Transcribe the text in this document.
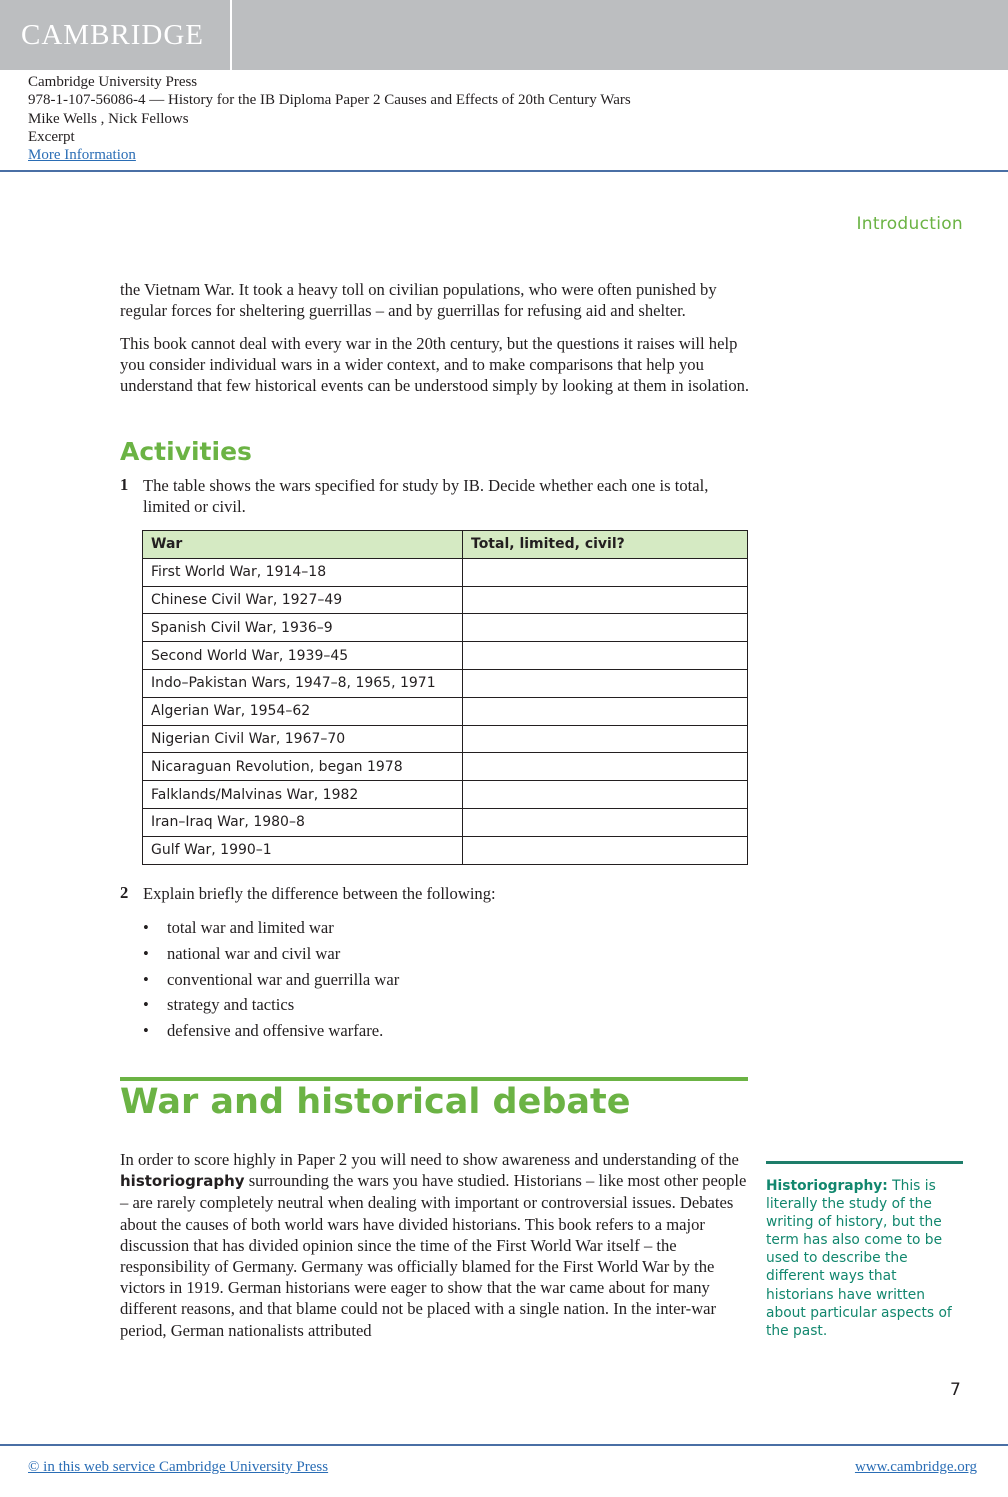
CAMBRIDGE
Cambridge University Press
978-1-107-56086-4 — History for the IB Diploma Paper 2 Causes and Effects of 20th Century Wars
Mike Wells , Nick Fellows
Excerpt
More Information
Introduction

the Vietnam War. It took a heavy toll on civilian populations, who were often punished by regular forces for sheltering guerrillas – and by guerrillas for refusing aid and shelter.

This book cannot deal with every war in the 20th century, but the questions it raises will help you consider individual wars in a wider context, and to make comparisons that help you understand that few historical events can be understood simply by looking at them in isolation.

Activities
1 The table shows the wars specified for study by IB. Decide whether each one is total, limited or civil.
War	Total, limited, civil?
First World War, 1914–18	
Chinese Civil War, 1927–49	
Spanish Civil War, 1936–9	
Second World War, 1939–45	
Indo–Pakistan Wars, 1947–8, 1965, 1971	
Algerian War, 1954–62	
Nigerian Civil War, 1967–70	
Nicaraguan Revolution, began 1978	
Falklands/Malvinas War, 1982	
Iran–Iraq War, 1980–8	
Gulf War, 1990–1	
2 Explain briefly the difference between the following:
• total war and limited war
• national war and civil war
• conventional war and guerrilla war
• strategy and tactics
• defensive and offensive warfare.
War and historical debate
In order to score highly in Paper 2 you will need to show awareness and understanding of the historiography surrounding the wars you have studied. Historians – like most other people – are rarely completely neutral when dealing with important or controversial issues. Debates about the causes of both world wars have divided historians. This book refers to a major discussion that has divided opinion since the time of the First World War itself – the responsibility of Germany. Germany was officially blamed for the First World War by the victors in 1919. German historians were eager to show that the war came about for many different reasons, and that blame could not be placed with a single nation. In the inter-war period, German nationalists attributed
Historiography: This is literally the study of the writing of history, but the term has also come to be used to describe the different ways that historians have written about particular aspects of the past.
7
© in this web service Cambridge University Press	www.cambridge.org
